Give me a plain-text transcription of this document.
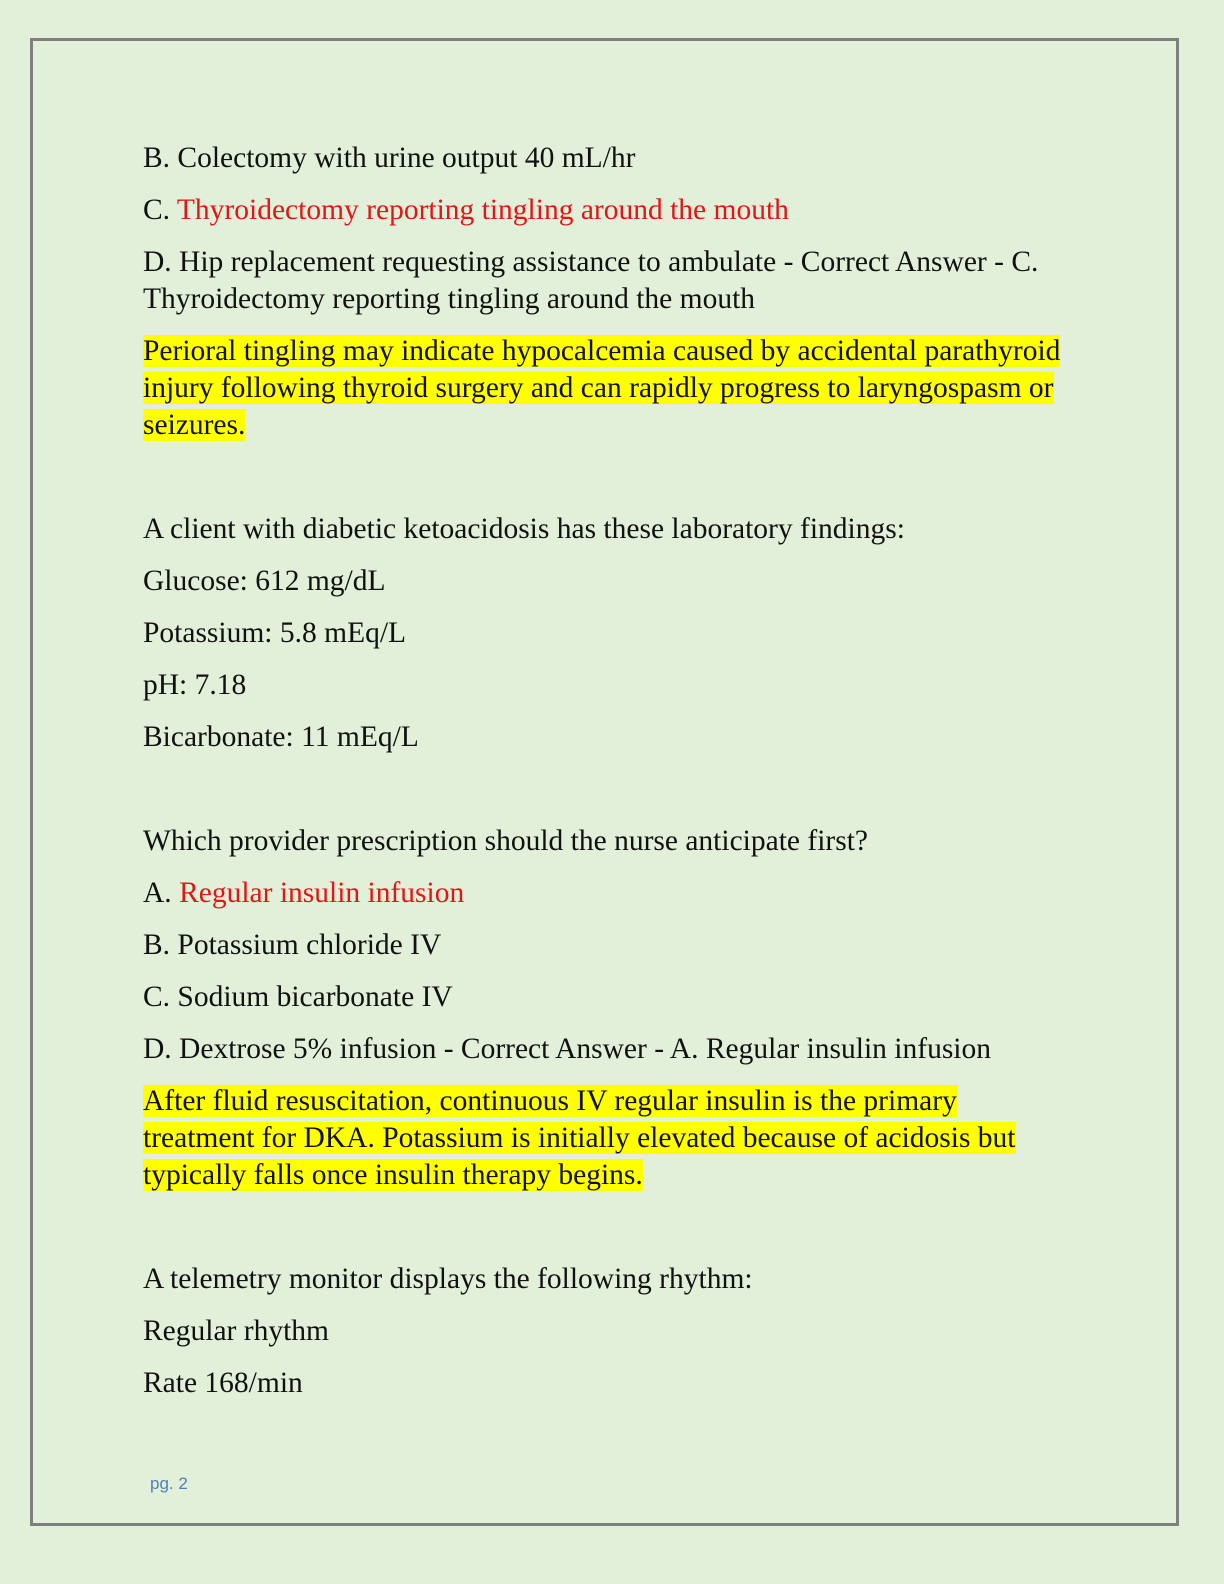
B. Colectomy with urine output 40 mL/hr

C. Thyroidectomy reporting tingling around the mouth

D. Hip replacement requesting assistance to ambulate - Correct Answer - C. Thyroidectomy reporting tingling around the mouth

Perioral tingling may indicate hypocalcemia caused by accidental parathyroid injury following thyroid surgery and can rapidly progress to laryngospasm or seizures.

A client with diabetic ketoacidosis has these laboratory findings:

Glucose: 612 mg/dL

Potassium: 5.8 mEq/L

pH: 7.18

Bicarbonate: 11 mEq/L

Which provider prescription should the nurse anticipate first?

A. Regular insulin infusion

B. Potassium chloride IV

C. Sodium bicarbonate IV

D. Dextrose 5% infusion - Correct Answer - A. Regular insulin infusion

After fluid resuscitation, continuous IV regular insulin is the primary treatment for DKA. Potassium is initially elevated because of acidosis but typically falls once insulin therapy begins.

A telemetry monitor displays the following rhythm:

Regular rhythm

Rate 168/min

pg. 2
